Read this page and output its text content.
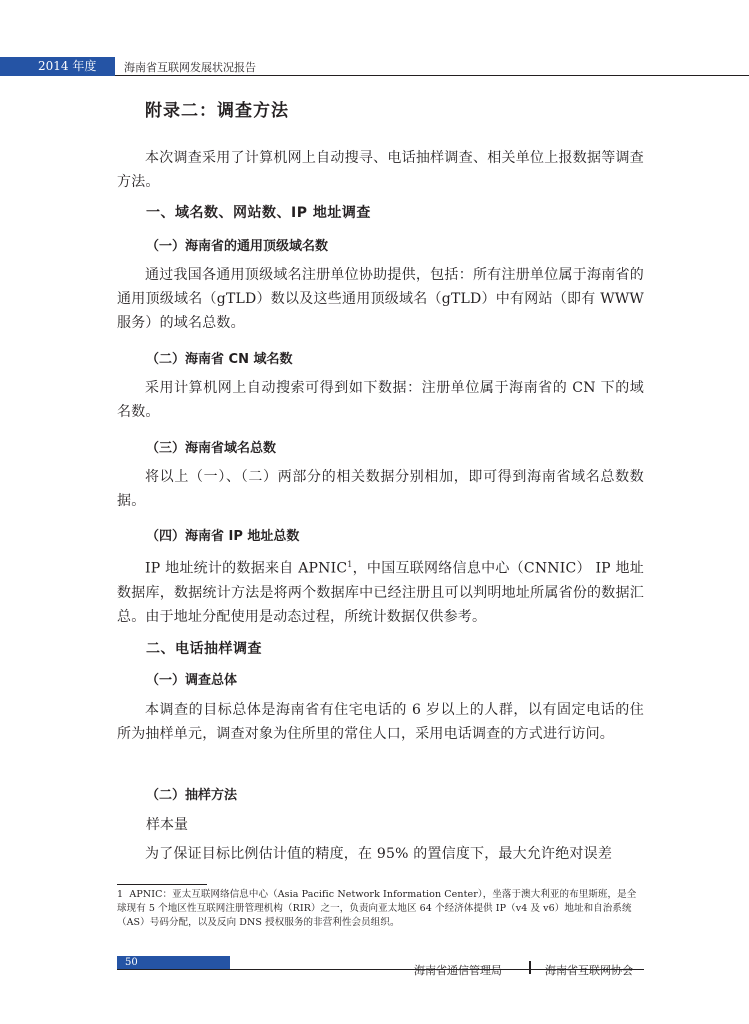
2014 年度	海南省互联网发展状况报告
附录二：调查方法
本次调查采用了计算机网上自动搜寻、电话抽样调查、相关单位上报数据等调查方法。
一、域名数、网站数、IP 地址调查
（一）海南省的通用顶级域名数
通过我国各通用顶级域名注册单位协助提供，包括：所有注册单位属于海南省的通用顶级域名（gTLD）数以及这些通用顶级域名（gTLD）中有网站（即有 WWW 服务）的域名总数。
（二）海南省 CN 域名数
采用计算机网上自动搜索可得到如下数据：注册单位属于海南省的 CN 下的域名数。
（三）海南省域名总数
将以上（一）、（二）两部分的相关数据分别相加，即可得到海南省域名总数数据。
（四）海南省 IP 地址总数
IP 地址统计的数据来自 APNIC$^1$，中国互联网络信息中心（CNNIC） IP 地址数据库，数据统计方法是将两个数据库中已经注册且可以判明地址所属省份的数据汇总。由于地址分配使用是动态过程，所统计数据仅供参考。
二、电话抽样调查
（一）调查总体
本调查的目标总体是海南省有住宅电话的 6 岁以上的人群，以有固定电话的住所为抽样单元，调查对象为住所里的常住人口，采用电话调查的方式进行访问。
（二）抽样方法
样本量
为了保证目标比例估计值的精度，在 95% 的置信度下，最大允许绝对误差
1 APNIC：亚太互联网络信息中心（Asia Pacific Network Information Center），坐落于澳大利亚的布里斯班，是全球现有 5 个地区性互联网注册管理机构（RIR）之一，负责向亚太地区 64 个经济体提供 IP（v4 及 v6）地址和自治系统（AS）号码分配，以及反向 DNS 授权服务的非营利性会员组织。
50
海南省通信管理局	海南省互联网协会
